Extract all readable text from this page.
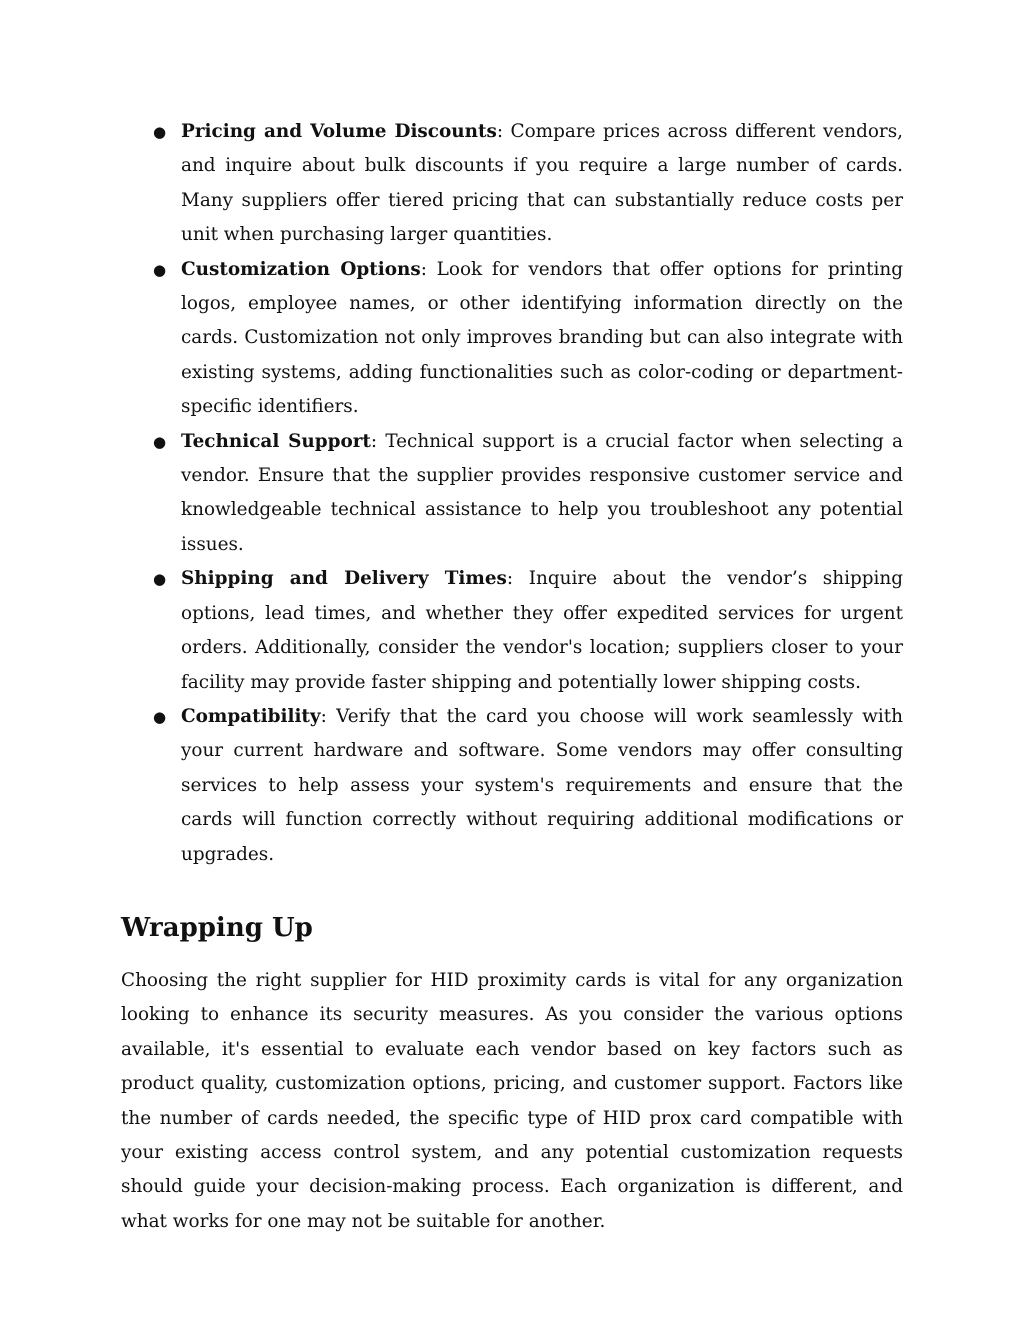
● Pricing and Volume Discounts: Compare prices across different vendors, and inquire about bulk discounts if you require a large number of cards. Many suppliers offer tiered pricing that can substantially reduce costs per unit when purchasing larger quantities.
● Customization Options: Look for vendors that offer options for printing logos, employee names, or other identifying information directly on the cards. Customization not only improves branding but can also integrate with existing systems, adding functionalities such as color-coding or department-specific identifiers.
● Technical Support: Technical support is a crucial factor when selecting a vendor. Ensure that the supplier provides responsive customer service and knowledgeable technical assistance to help you troubleshoot any potential issues.
● Shipping and Delivery Times: Inquire about the vendor’s shipping options, lead times, and whether they offer expedited services for urgent orders. Additionally, consider the vendor's location; suppliers closer to your facility may provide faster shipping and potentially lower shipping costs.
● Compatibility: Verify that the card you choose will work seamlessly with your current hardware and software. Some vendors may offer consulting services to help assess your system's requirements and ensure that the cards will function correctly without requiring additional modifications or upgrades.
Wrapping Up

Choosing the right supplier for HID proximity cards is vital for any organization looking to enhance its security measures. As you consider the various options available, it's essential to evaluate each vendor based on key factors such as product quality, customization options, pricing, and customer support. Factors like the number of cards needed, the specific type of HID prox card compatible with your existing access control system, and any potential customization requests should guide your decision-making process. Each organization is different, and what works for one may not be suitable for another.
